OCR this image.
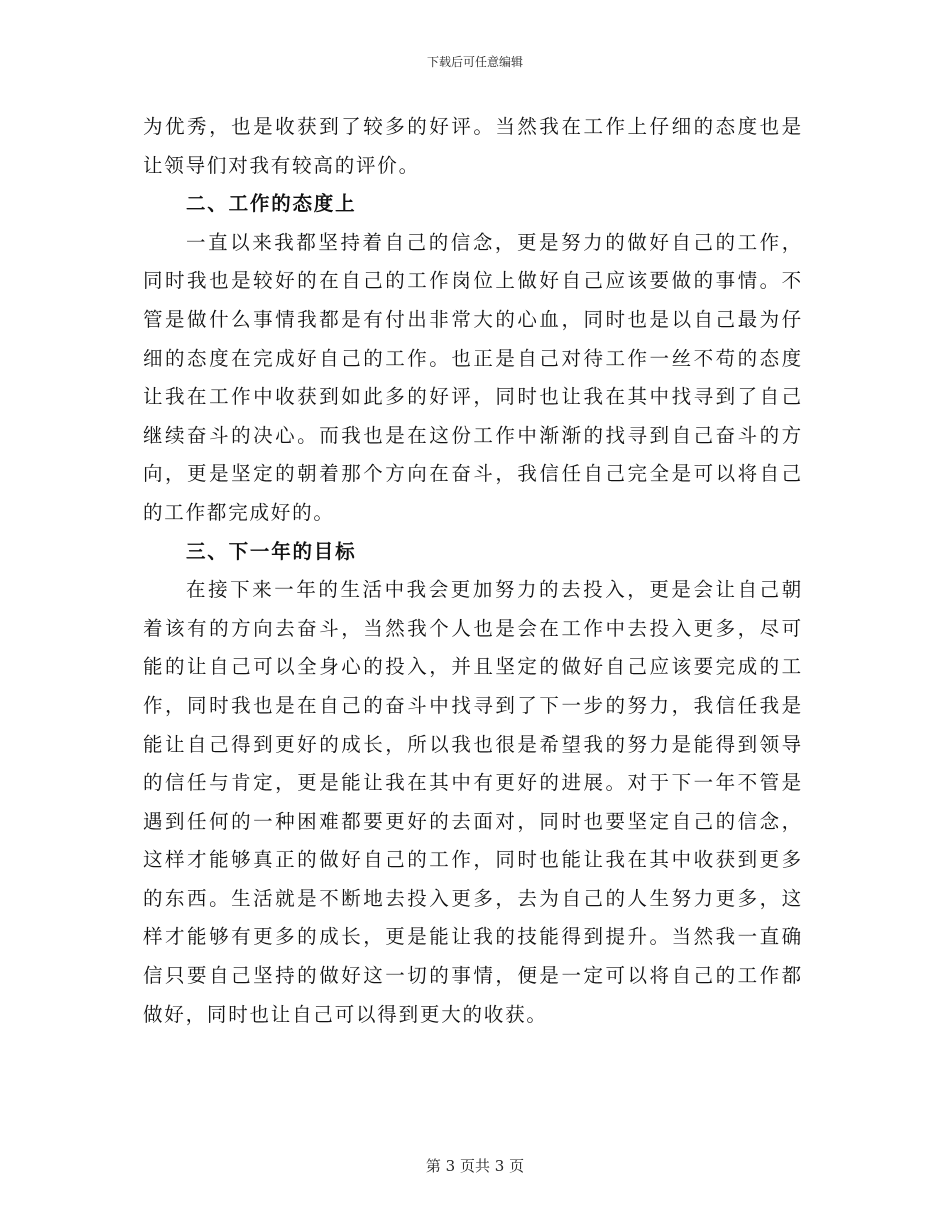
下载后可任意编辑

为优秀，也是收获到了较多的好评。当然我在工作上仔细的态度也是让领导们对我有较高的评价。

二、工作的态度上

一直以来我都坚持着自己的信念，更是努力的做好自己的工作，同时我也是较好的在自己的工作岗位上做好自己应该要做的事情。不管是做什么事情我都是有付出非常大的心血，同时也是以自己最为仔细的态度在完成好自己的工作。也正是自己对待工作一丝不苟的态度让我在工作中收获到如此多的好评，同时也让我在其中找寻到了自己继续奋斗的决心。而我也是在这份工作中渐渐的找寻到自己奋斗的方向，更是坚定的朝着那个方向在奋斗，我信任自己完全是可以将自己的工作都完成好的。

三、下一年的目标

在接下来一年的生活中我会更加努力的去投入，更是会让自己朝着该有的方向去奋斗，当然我个人也是会在工作中去投入更多，尽可能的让自己可以全身心的投入，并且坚定的做好自己应该要完成的工作，同时我也是在自己的奋斗中找寻到了下一步的努力，我信任我是能让自己得到更好的成长，所以我也很是希望我的努力是能得到领导的信任与肯定，更是能让我在其中有更好的进展。对于下一年不管是遇到任何的一种困难都要更好的去面对，同时也要坚定自己的信念，这样才能够真正的做好自己的工作，同时也能让我在其中收获到更多的东西。生活就是不断地去投入更多，去为自己的人生努力更多，这样才能够有更多的成长，更是能让我的技能得到提升。当然我一直确信只要自己坚持的做好这一切的事情，便是一定可以将自己的工作都做好，同时也让自己可以得到更大的收获。

第 3 页共 3 页
